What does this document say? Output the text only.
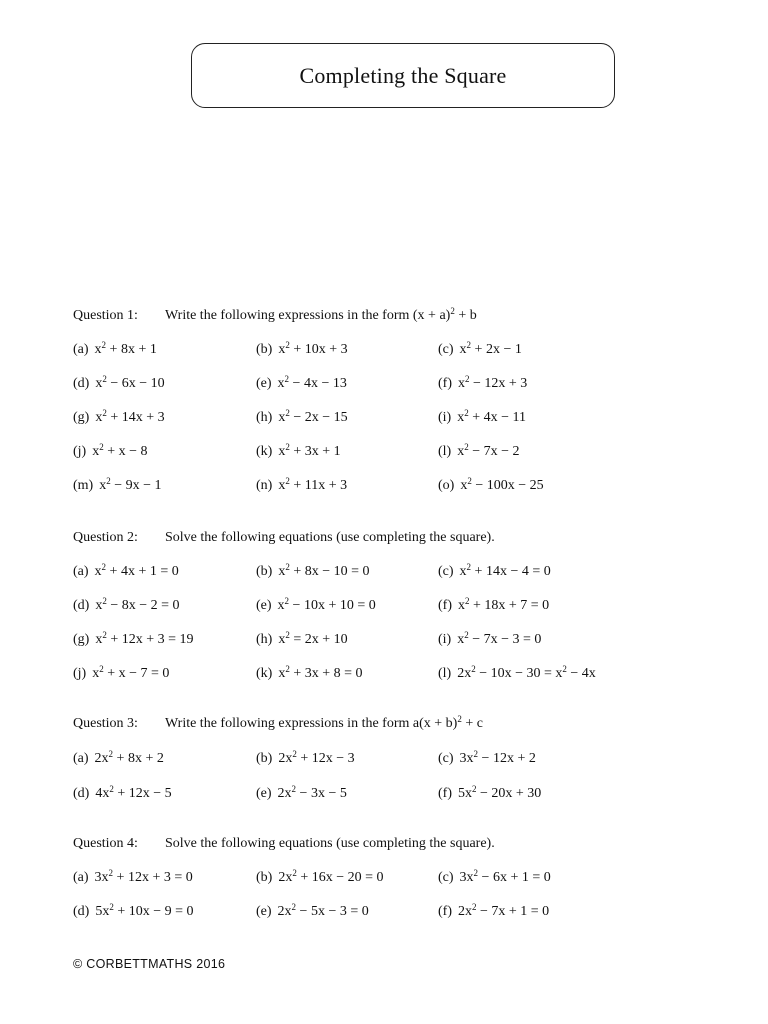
Completing the Square
Question 1: Write the following expressions in the form $(x + a)^2 + b$
(a) $x^2 + 8x + 1$	(b) $x^2 + 10x + 3$	(c) $x^2 + 2x - 1$
(d) $x^2 - 6x - 10$	(e) $x^2 - 4x - 13$	(f) $x^2 - 12x + 3$
(g) $x^2 + 14x + 3$	(h) $x^2 - 2x - 15$	(i) $x^2 + 4x - 11$
(j) $x^2 + x - 8$	(k) $x^2 + 3x + 1$	(l) $x^2 - 7x - 2$
(m) $x^2 - 9x - 1$	(n) $x^2 + 11x + 3$	(o) $x^2 - 100x - 25$
Question 2: Solve the following equations (use completing the square).
(a) $x^2 + 4x + 1 = 0$	(b) $x^2 + 8x - 10 = 0$	(c) $x^2 + 14x - 4 = 0$
(d) $x^2 - 8x - 2 = 0$	(e) $x^2 - 10x + 10 = 0$	(f) $x^2 + 18x + 7 = 0$
(g) $x^2 + 12x + 3 = 19$	(h) $x^2 = 2x + 10$	(i) $x^2 - 7x - 3 = 0$
(j) $x^2 + x - 7 = 0$	(k) $x^2 + 3x + 8 = 0$	(l) $2x^2 - 10x - 30 = x^2 - 4x$
Question 3: Write the following expressions in the form $a(x + b)^2 + c$
(a) $2x^2 + 8x + 2$	(b) $2x^2 + 12x - 3$	(c) $3x^2 - 12x + 2$
(d) $4x^2 + 12x - 5$	(e) $2x^2 - 3x - 5$	(f) $5x^2 - 20x + 30$
Question 4: Solve the following equations (use completing the square).
(a) $3x^2 + 12x + 3 = 0$	(b) $2x^2 + 16x - 20 = 0$	(c) $3x^2 - 6x + 1 = 0$
(d) $5x^2 + 10x - 9 = 0$	(e) $2x^2 - 5x - 3 = 0$	(f) $2x^2 - 7x + 1 = 0$
© CORBETTMATHS 2016
